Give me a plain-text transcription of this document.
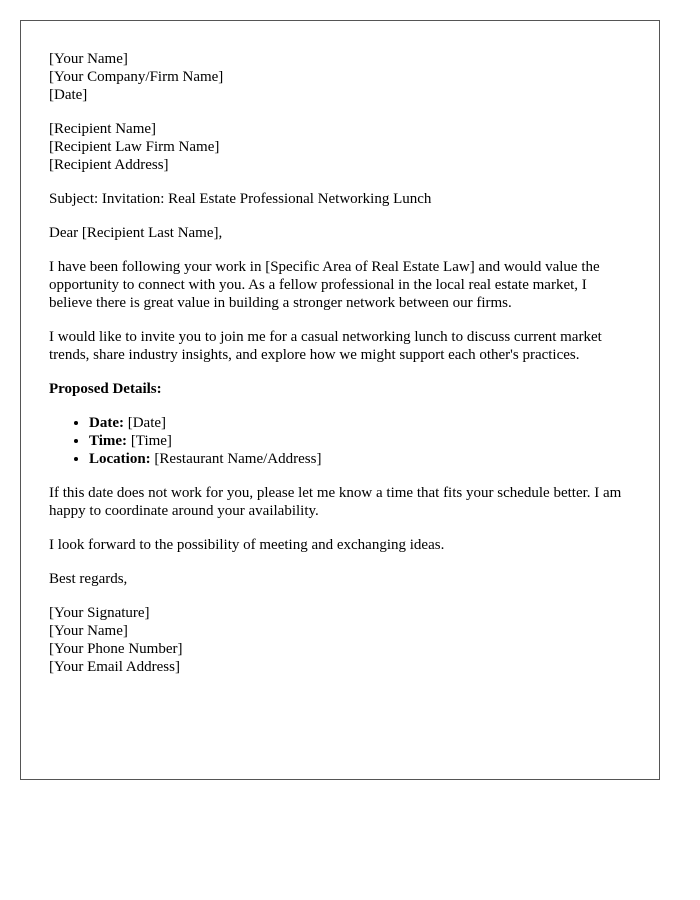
[Your Name]
[Your Company/Firm Name]
[Date]
[Recipient Name]
[Recipient Law Firm Name]
[Recipient Address]

Subject: Invitation: Real Estate Professional Networking Lunch

Dear [Recipient Last Name],

I have been following your work in [Specific Area of Real Estate Law] and would value the opportunity to connect with you. As a fellow professional in the local real estate market, I believe there is great value in building a stronger network between our firms.

I would like to invite you to join me for a casual networking lunch to discuss current market trends, share industry insights, and explore how we might support each other's practices.

Proposed Details:

• Date: [Date]
• Time: [Time]
• Location: [Restaurant Name/Address]

If this date does not work for you, please let me know a time that fits your schedule better. I am happy to coordinate around your availability.

I look forward to the possibility of meeting and exchanging ideas.

Best regards,

[Your Signature]
[Your Name]
[Your Phone Number]
[Your Email Address]
